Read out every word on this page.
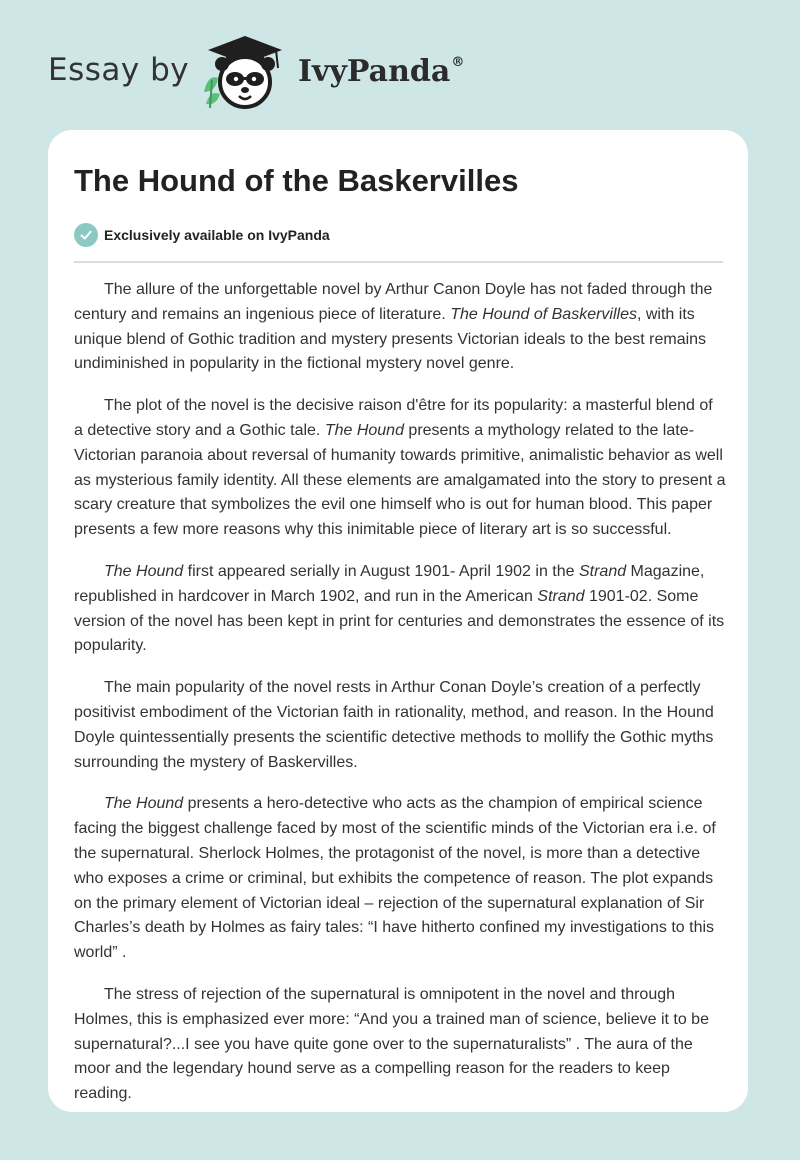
Essay by	IvyPanda®
The Hound of the Baskervilles
Exclusively available on IvyPanda

The allure of the unforgettable novel by Arthur Canon Doyle has not faded through the century and remains an ingenious piece of literature. The Hound of Baskervilles, with its unique blend of Gothic tradition and mystery presents Victorian ideals to the best remains undiminished in popularity in the fictional mystery novel genre.

The plot of the novel is the decisive raison d'être for its popularity: a masterful blend of a detective story and a Gothic tale. The Hound presents a mythology related to the late-Victorian paranoia about reversal of humanity towards primitive, animalistic behavior as well as mysterious family identity. All these elements are amalgamated into the story to present a scary creature that symbolizes the evil one himself who is out for human blood. This paper presents a few more reasons why this inimitable piece of literary art is so successful.

The Hound first appeared serially in August 1901- April 1902 in the Strand Magazine, republished in hardcover in March 1902, and run in the American Strand 1901-02. Some version of the novel has been kept in print for centuries and demonstrates the essence of its popularity.

The main popularity of the novel rests in Arthur Conan Doyle’s creation of a perfectly positivist embodiment of the Victorian faith in rationality, method, and reason. In the Hound Doyle quintessentially presents the scientific detective methods to mollify the Gothic myths surrounding the mystery of Baskervilles.

The Hound presents a hero-detective who acts as the champion of empirical science facing the biggest challenge faced by most of the scientific minds of the Victorian era i.e. of the supernatural. Sherlock Holmes, the protagonist of the novel, is more than a detective who exposes a crime or criminal, but exhibits the competence of reason. The plot expands on the primary element of Victorian ideal – rejection of the supernatural explanation of Sir Charles’s death by Holmes as fairy tales: “I have hitherto confined my investigations to this world” .

The stress of rejection of the supernatural is omnipotent in the novel and through Holmes, this is emphasized ever more: “And you a trained man of science, believe it to be supernatural?...I see you have quite gone over to the supernaturalists” . The aura of the moor and the legendary hound serve as a compelling reason for the readers to keep reading.
